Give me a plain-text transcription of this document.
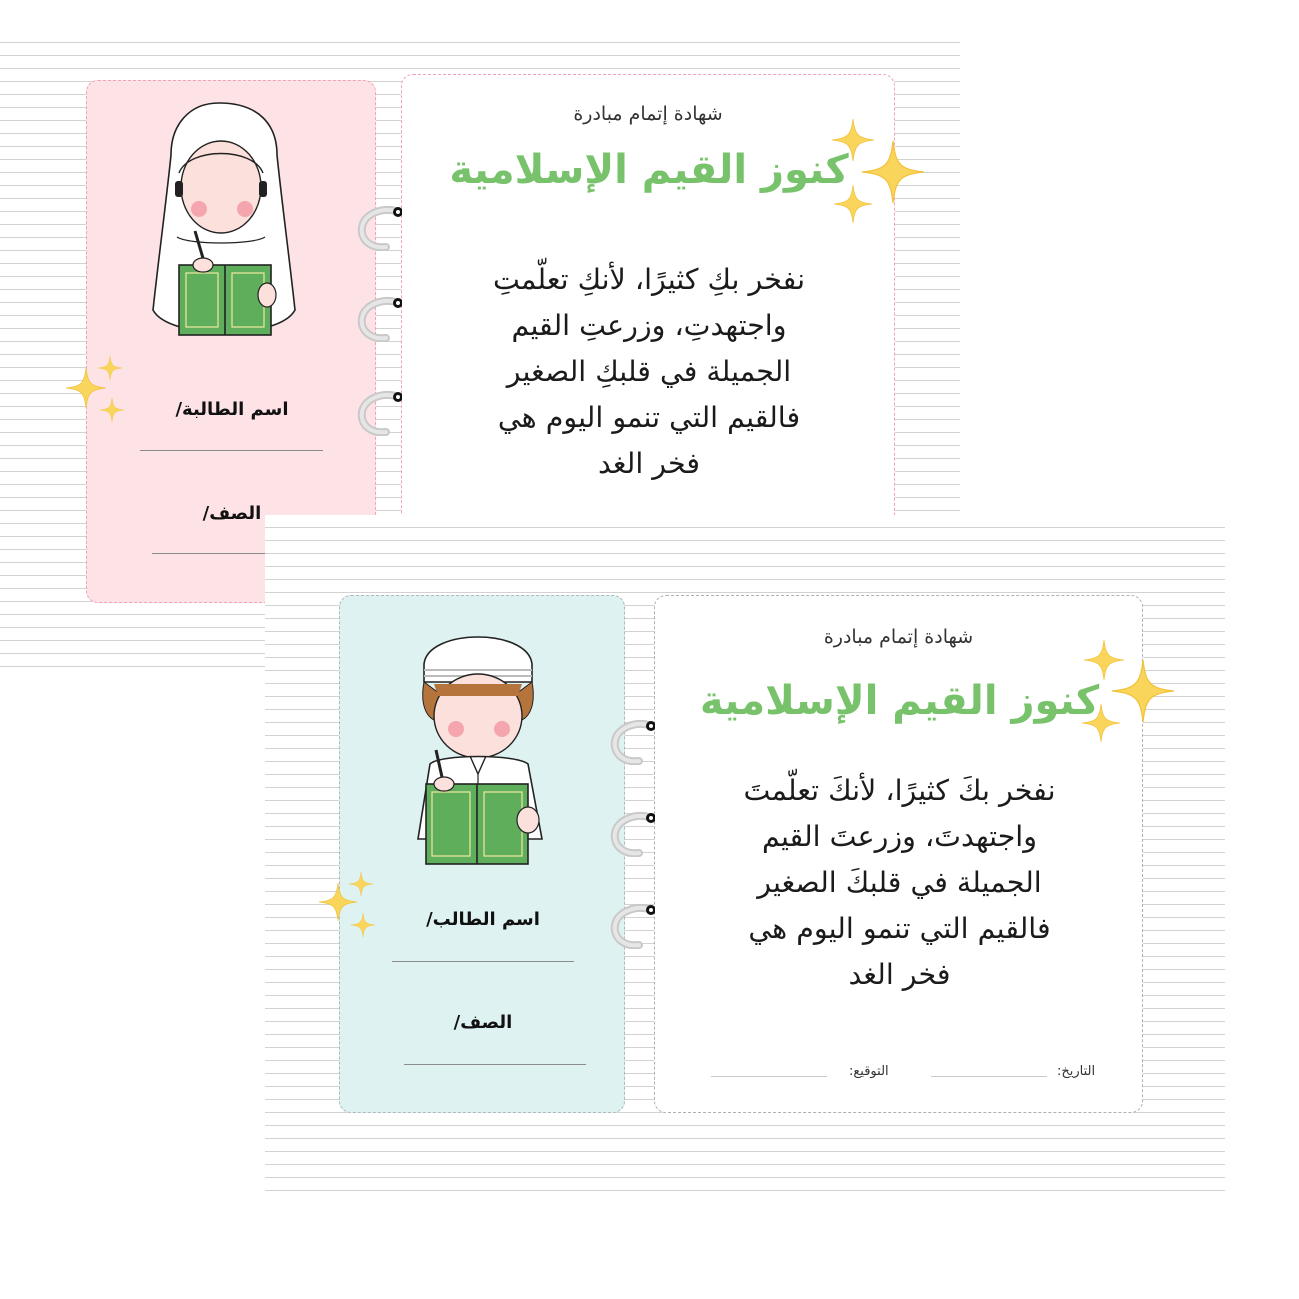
اسم الطالبة/
الصف/
شهادة إتمام مبادرة
كنوز القيم الإسلامية
نفخر بكِ كثيرًا، لأنكِ تعلّمتِ
واجتهدتِ، وزرعتِ القيم
الجميلة في قلبكِ الصغير
فالقيم التي تنمو اليوم هي
فخر الغد
اسم الطالب/
الصف/
شهادة إتمام مبادرة
كنوز القيم الإسلامية
نفخر بكَ كثيرًا، لأنكَ تعلّمتَ
واجتهدتَ، وزرعتَ القيم
الجميلة في قلبكَ الصغير
فالقيم التي تنمو اليوم هي
فخر الغد
التاريخ:
التوقيع:
